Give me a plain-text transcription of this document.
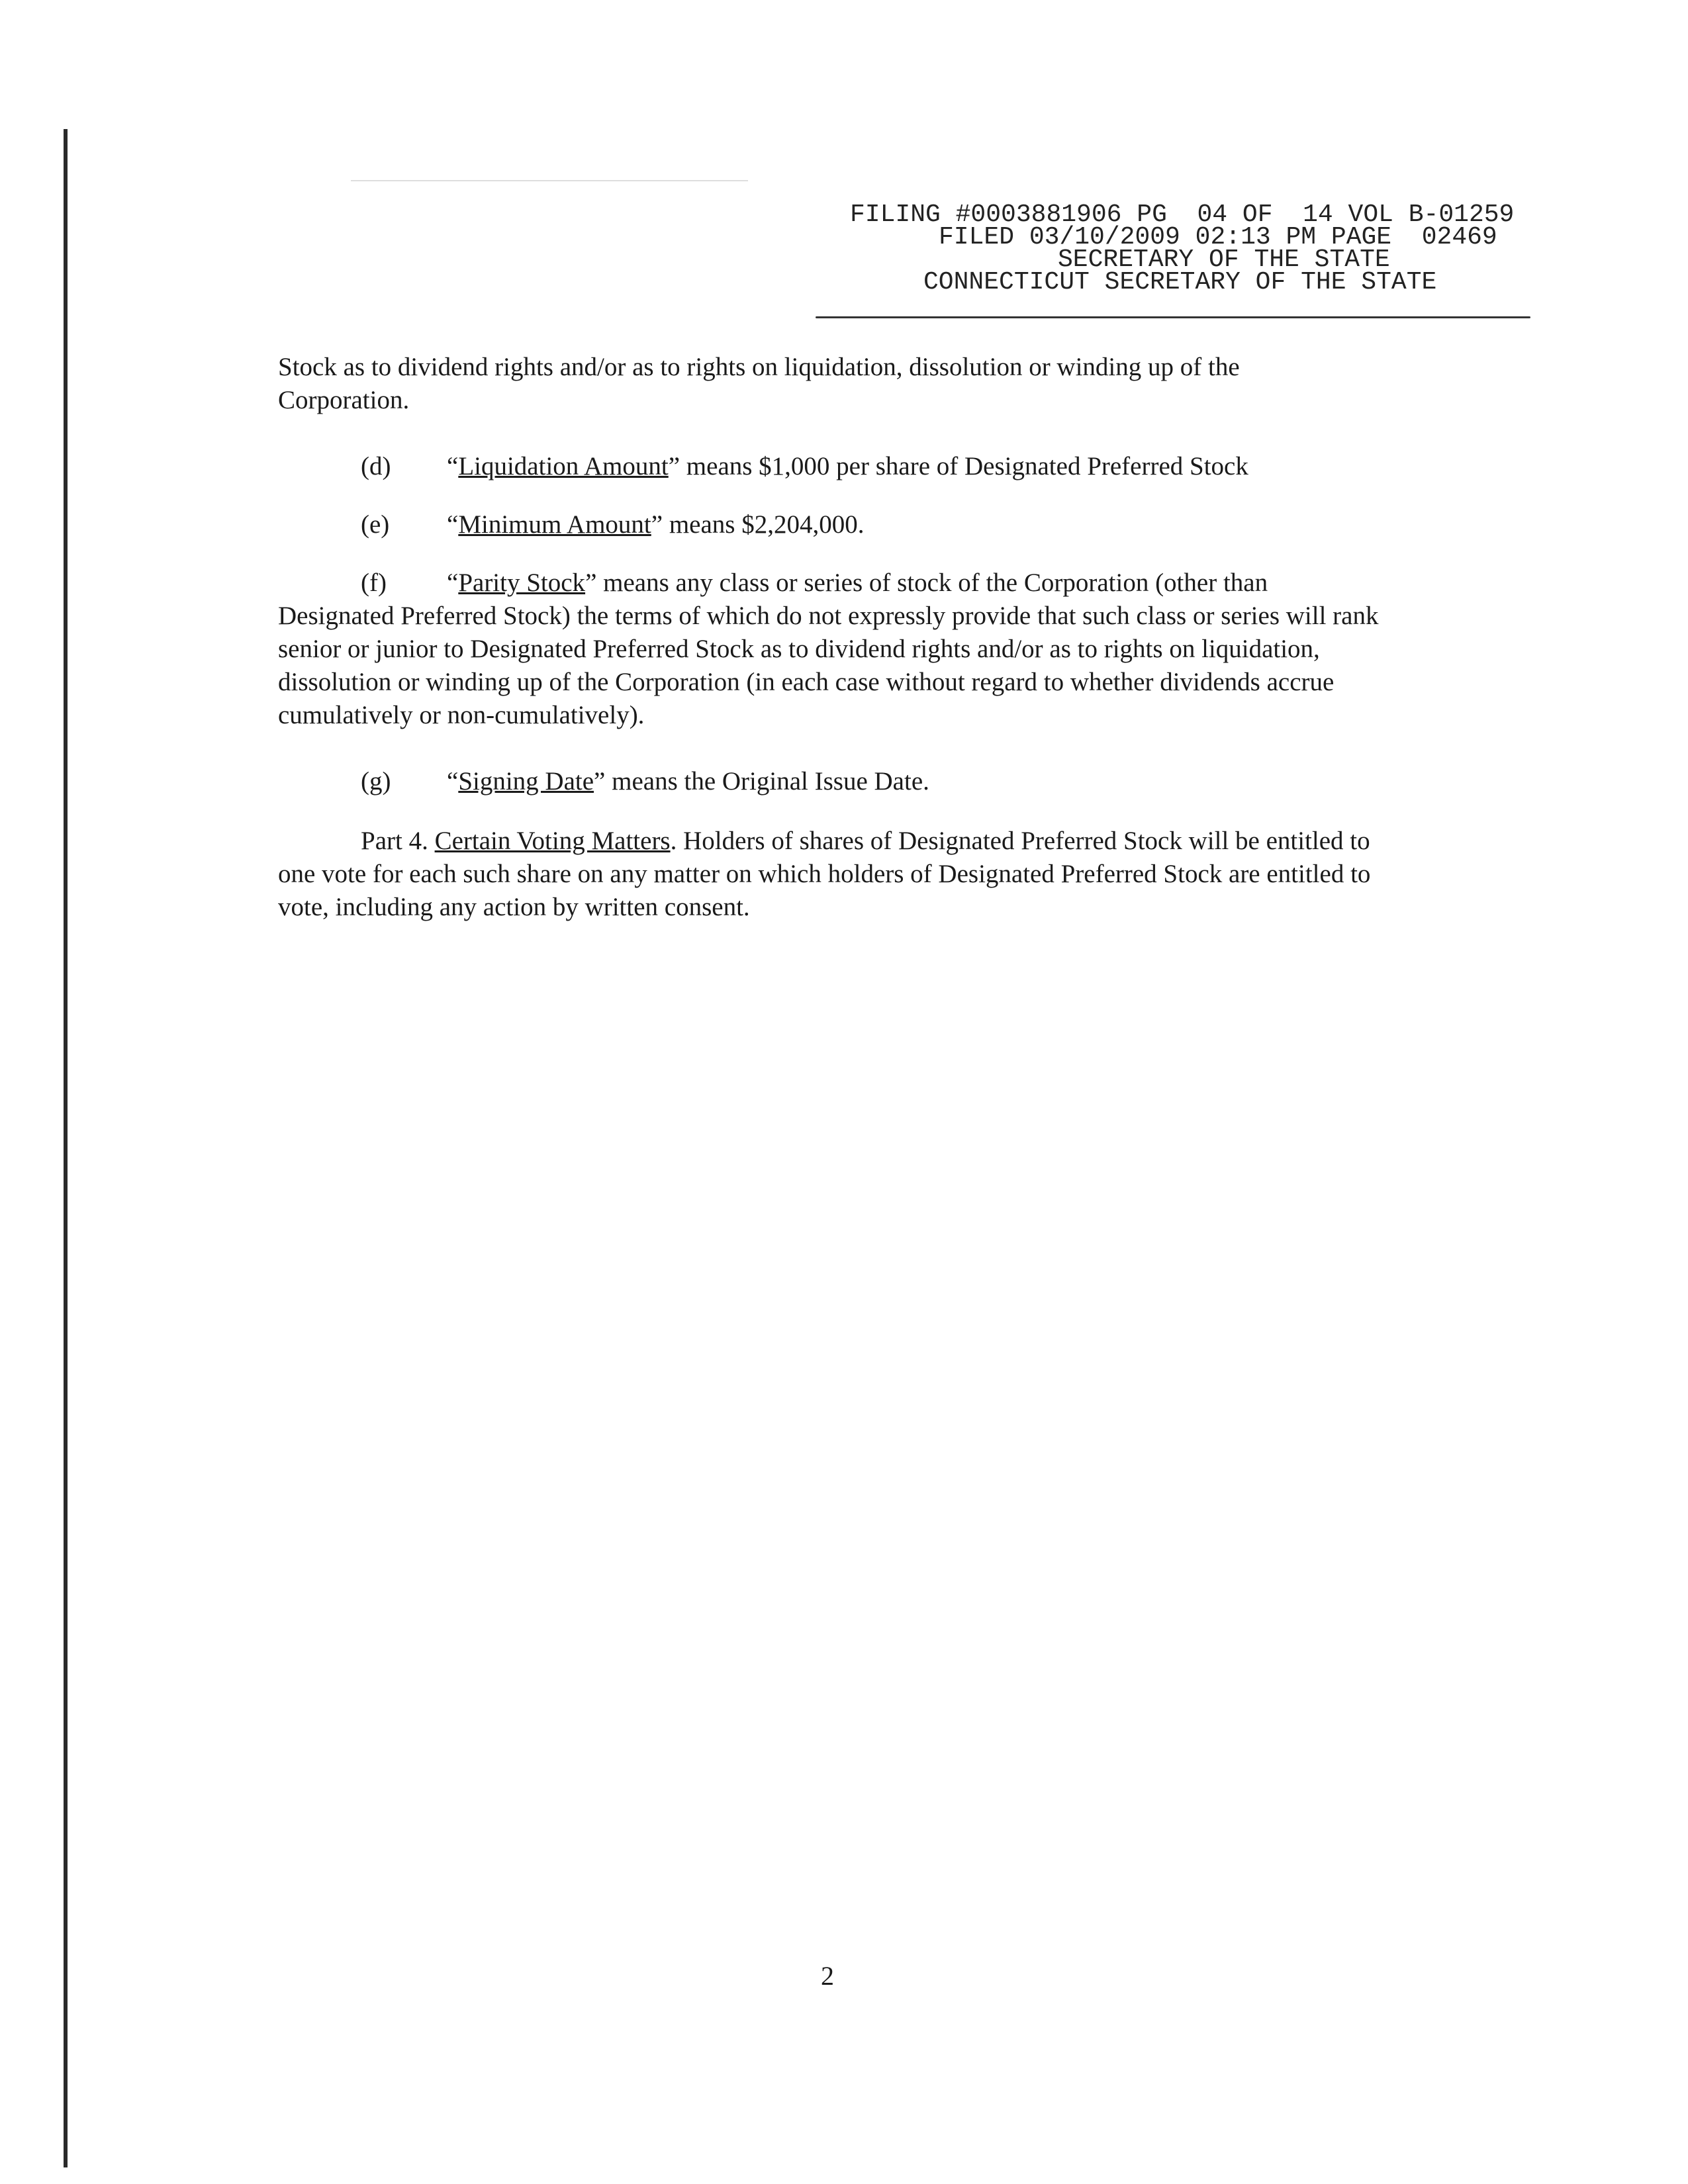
FILING #0003881906 PG  04 OF  14 VOL B-01259
FILED 03/10/2009 02:13 PM PAGE  02469
SECRETARY OF THE STATE
CONNECTICUT SECRETARY OF THE STATE

Stock as to dividend rights and/or as to rights on liquidation, dissolution or winding up of the Corporation.

(d) “Liquidation Amount” means $1,000 per share of Designated Preferred Stock

(e) “Minimum Amount” means $2,204,000.

(f) “Parity Stock” means any class or series of stock of the Corporation (other than Designated Preferred Stock) the terms of which do not expressly provide that such class or series will rank senior or junior to Designated Preferred Stock as to dividend rights and/or as to rights on liquidation, dissolution or winding up of the Corporation (in each case without regard to whether dividends accrue cumulatively or non-cumulatively).

(g) “Signing Date” means the Original Issue Date.

Part 4. Certain Voting Matters. Holders of shares of Designated Preferred Stock will be entitled to one vote for each such share on any matter on which holders of Designated Preferred Stock are entitled to vote, including any action by written consent.

2
